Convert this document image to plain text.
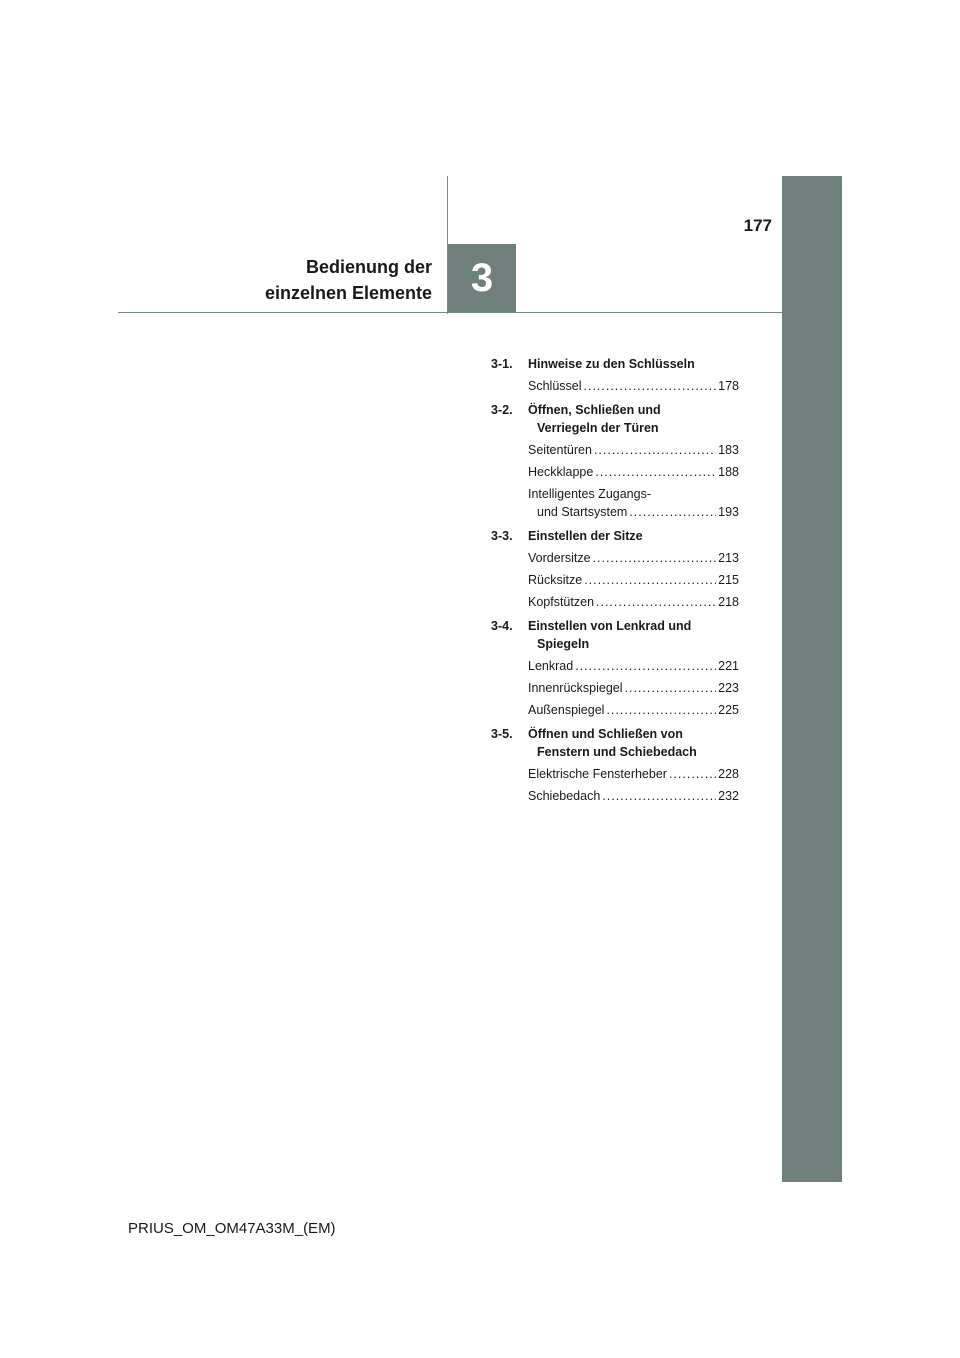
3
177
Bedienung der
einzelnen Elemente
3-1.	Hinweise zu den Schlüsseln
Schlüssel .....	178
3-2.	Öffnen, Schließen und
Verriegeln der Türen
Seitentüren .....	183
Heckklappe .....	188
Intelligentes Zugangs-
und Startsystem .....	193
3-3.	Einstellen der Sitze
Vordersitze .....	213
Rücksitze .....	215
Kopfstützen .....	218
3-4.	Einstellen von Lenkrad und
Spiegeln
Lenkrad .....	221
Innenrückspiegel .....	223
Außenspiegel .....	225
3-5.	Öffnen und Schließen von
Fenstern und Schiebedach
Elektrische Fensterheber .....	228
Schiebedach .....	232
PRIUS_OM_OM47A33M_(EM)
